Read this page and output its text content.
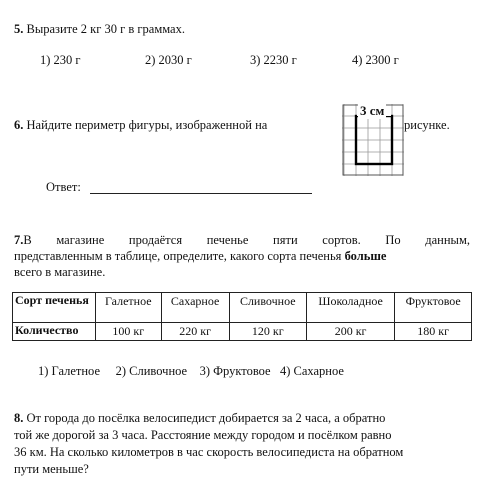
5. Выразите 2 кг 30 г в граммах.
1) 230 г	2) 2030 г	3) 2230 г	4) 2300 г
6. Найдите периметр фигуры, изображенной на	рисунке.
3 см
Ответ:
7.В магазине продаётся печенье пяти сортов. По данным,
представленным в таблице, определите, какого сорта печенья больше
всего в магазине.
Сорт печенья	Галетное	Сахарное	Сливочное	Шоколадное	Фруктовое
Количество	100 кг	220 кг	120 кг	200 кг	180 кг
1) Галетное 2) Сливочное 3) Фруктовое 4) Сахарное
8. От города до посёлка велосипедист добирается за 2 часа, а обратно
той же дорогой за 3 часа. Расстояние между городом и посёлком равно
36 км. На сколько километров в час скорость велосипедиста на обратном
пути меньше?
